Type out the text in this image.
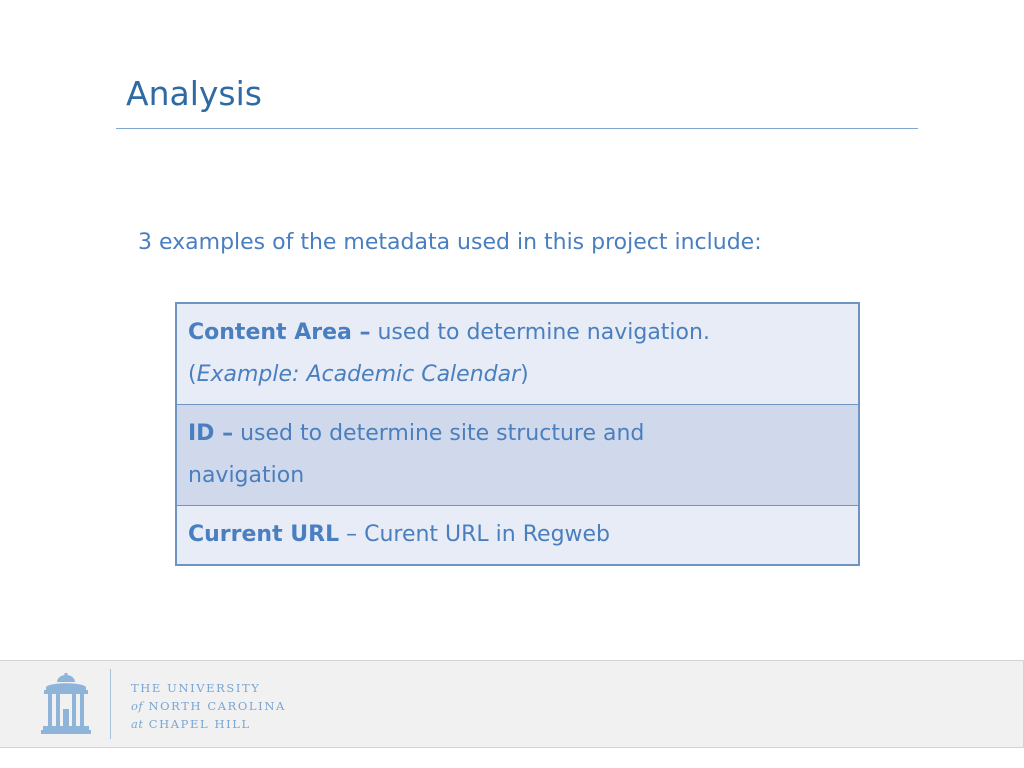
Analysis

3 examples of the metadata used in this project include:

Content Area – used to determine navigation.
(Example: Academic Calendar)

ID – used to determine site structure and
navigation

Current URL – Curent URL in Regweb
THE UNIVERSITY
of NORTH CAROLINA
at CHAPEL HILL
